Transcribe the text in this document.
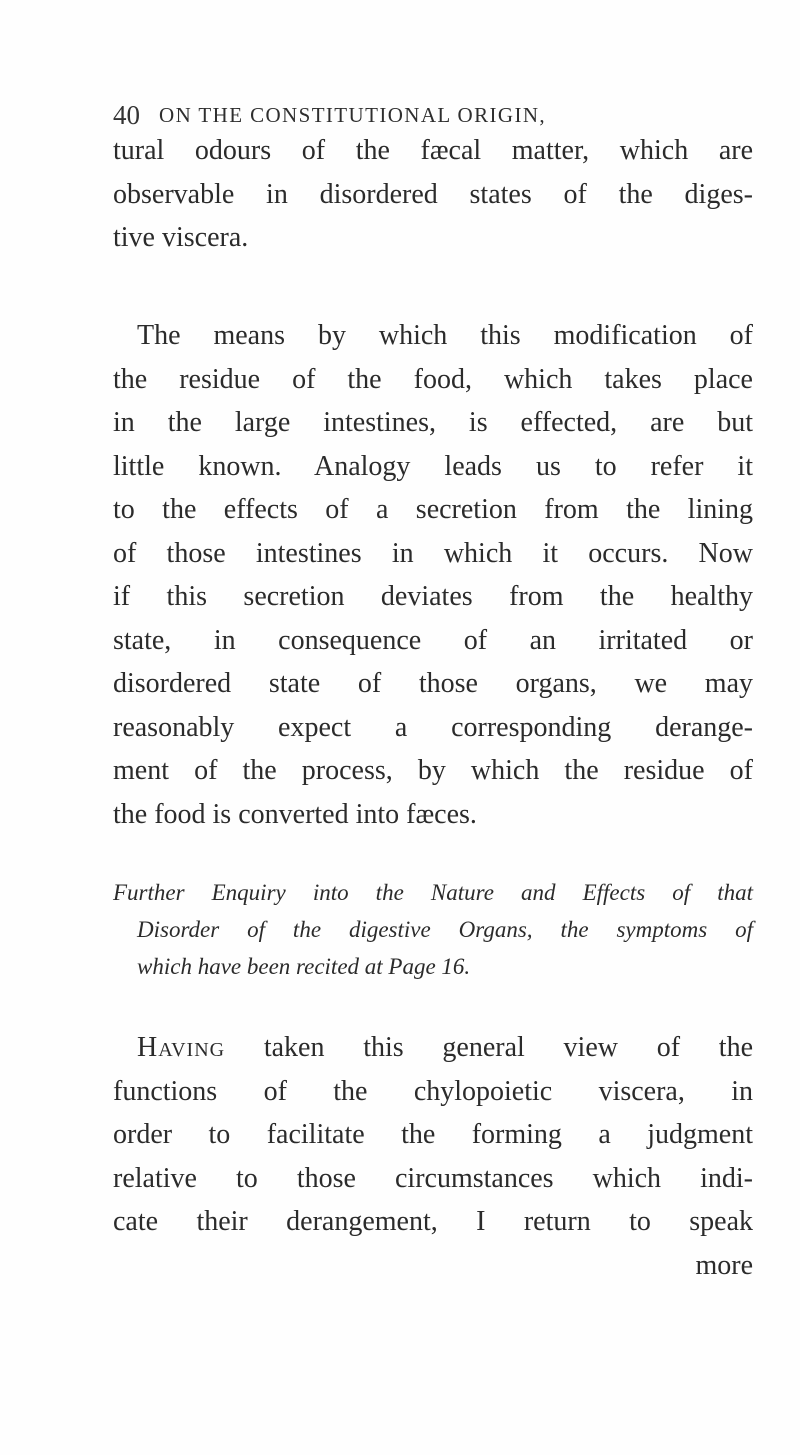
40 ON THE CONSTITUTIONAL ORIGIN,
tural odours of the fæcal matter, which are
observable in disordered states of the diges-
tive viscera.
The means by which this modification of
the residue of the food, which takes place
in the large intestines, is effected, are but
little known. Analogy leads us to refer it
to the effects of a secretion from the lining
of those intestines in which it occurs. Now
if this secretion deviates from the healthy
state, in consequence of an irritated or
disordered state of those organs, we may
reasonably expect a corresponding derange-
ment of the process, by which the residue of
the food is converted into fæces.
Further Enquiry into the Nature and Effects of that
Disorder of the digestive Organs, the symptoms of
which have been recited at Page 16.
Having taken this general view of the
functions of the chylopoietic viscera, in
order to facilitate the forming a judgment
relative to those circumstances which indi-
cate their derangement, I return to speak
more
